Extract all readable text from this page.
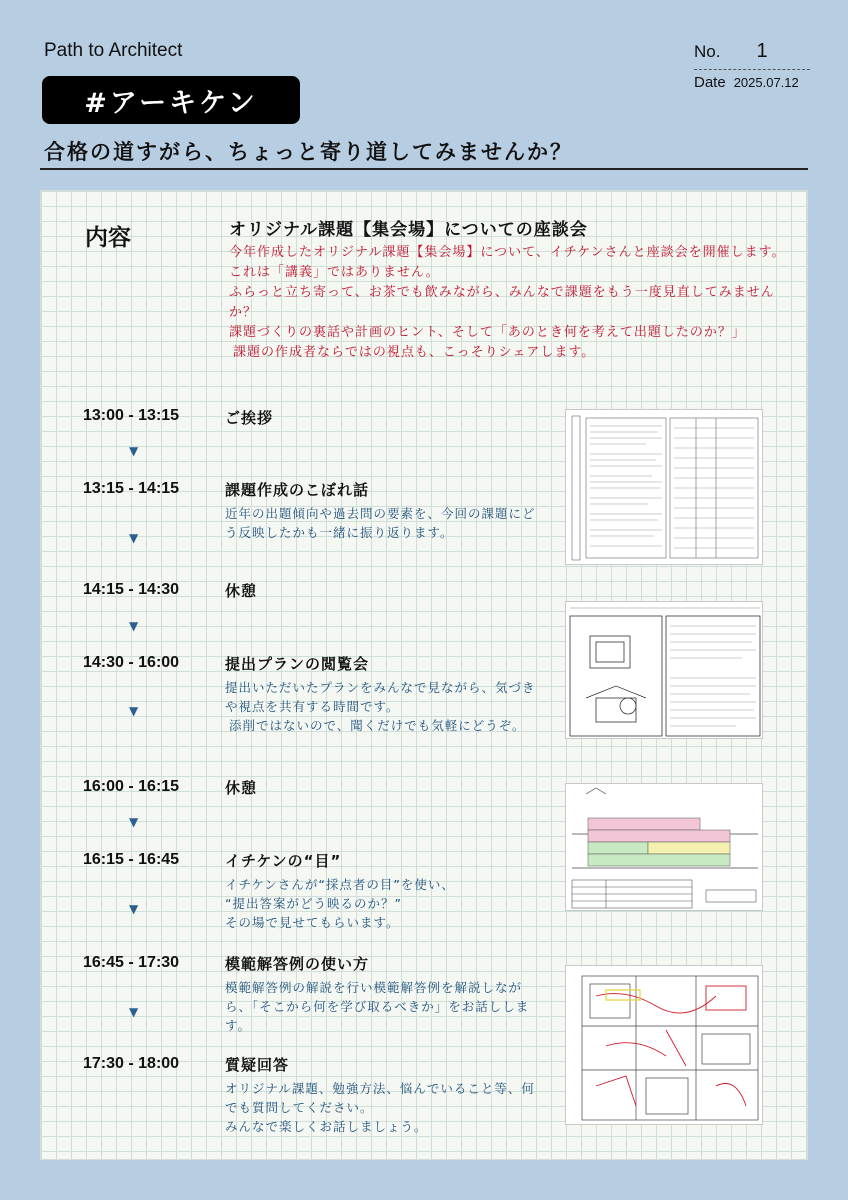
Path to Architect
#アーキケン
No. 1
Date 2025.07.12
合格の道すがら、ちょっと寄り道してみませんか？
内容	オリジナル課題【集会場】についての座談会

今年作成したオリジナル課題【集会場】について、イチケンさんと座談会を開催します。これは「講義」ではありません。

ふらっと立ち寄って、お茶でも飲みながら、みんなで課題をもう一度見直してみませんか？

課題づくりの裏話や計画のヒント、そして「あのとき何を考えて出題したのか？」

課題の作成者ならではの視点も、こっそりシェアします。

13:00 - 13:15	ご挨拶
▼
13:15 - 14:15	課題作成のこぼれ話
近年の出題傾向や過去問の要素を、今回の課題にどう反映したかも一緒に振り返ります。
▼
14:15 - 14:30	休憩
▼
14:30 - 16:00	提出プランの閲覧会
提出いただいたプランをみんなで見ながら、気づきや視点を共有する時間です。
添削ではないので、聞くだけでも気軽にどうぞ。
▼
16:00 - 16:15	休憩
▼
16:15 - 16:45	イチケンの“目”
イチケンさんが“採点者の目”を使い、
“提出答案がどう映るのか？”
その場で見せてもらいます。
▼
16:45 - 17:30	模範解答例の使い方
模範解答例の解説を行い模範解答例を解説しながら、「そこから何を学び取るべきか」をお話しします。
▼
17:30 - 18:00	質疑回答
オリジナル課題、勉強方法、悩んでいること等、何でも質問してください。
みんなで楽しくお話しましょう。
